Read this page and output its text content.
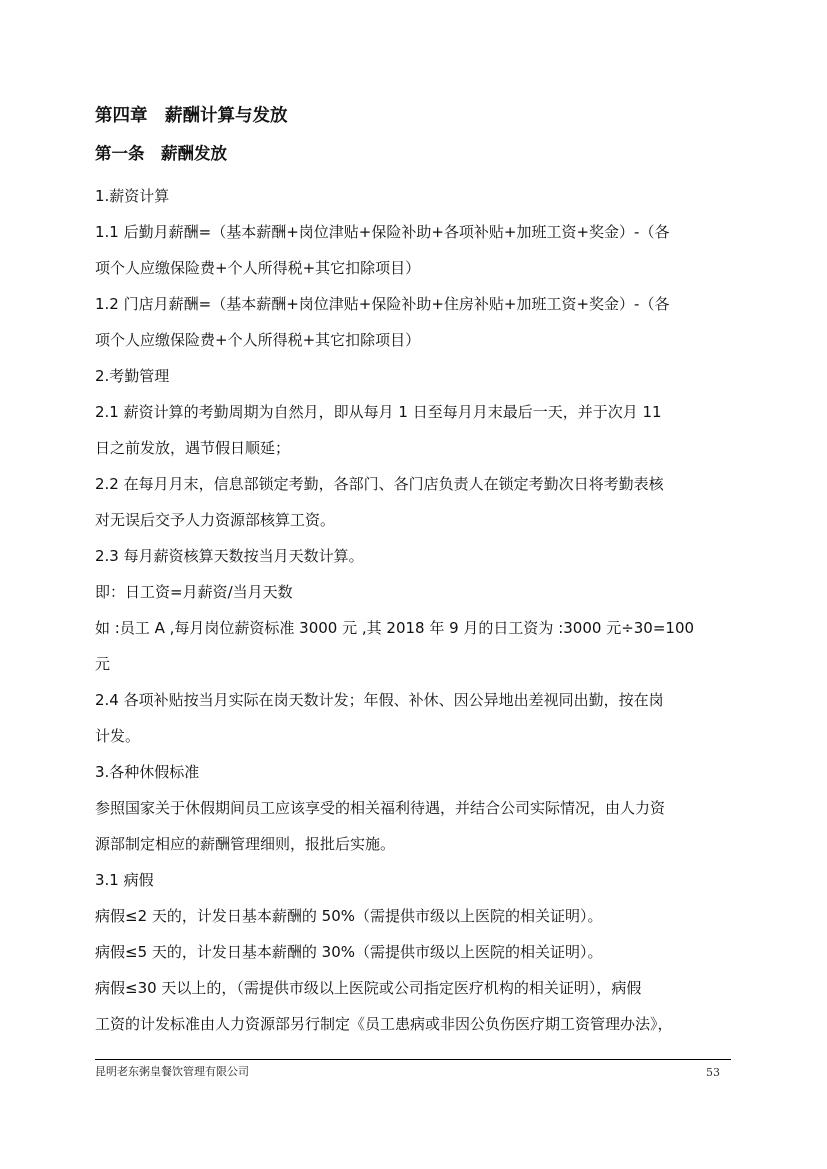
第四章　薪酬计算与发放
第一条　薪酬发放
1.薪资计算
1.1 后勤月薪酬=（基本薪酬+岗位津贴+保险补助+各项补贴+加班工资+奖金）-（各
项个人应缴保险费+个人所得税+其它扣除项目）
1.2 门店月薪酬=（基本薪酬+岗位津贴+保险补助+住房补贴+加班工资+奖金）-（各
项个人应缴保险费+个人所得税+其它扣除项目）
2.考勤管理
2.1 薪资计算的考勤周期为自然月，即从每月 1 日至每月月末最后一天，并于次月 11
日之前发放，遇节假日顺延；
2.2 在每月月末，信息部锁定考勤，各部门、各门店负责人在锁定考勤次日将考勤表核
对无误后交予人力资源部核算工资。
2.3 每月薪资核算天数按当月天数计算。
即：日工资=月薪资/当月天数
如 :员工 A ,每月岗位薪资标准 3000 元 ,其 2018 年 9 月的日工资为 :3000 元÷30=100
元
2.4 各项补贴按当月实际在岗天数计发；年假、补休、因公异地出差视同出勤，按在岗
计发。
3.各种休假标准
参照国家关于休假期间员工应该享受的相关福利待遇，并结合公司实际情况，由人力资
源部制定相应的薪酬管理细则，报批后实施。
3.1 病假
病假≤2 天的，计发日基本薪酬的 50%（需提供市级以上医院的相关证明）。
病假≤5 天的，计发日基本薪酬的 30%（需提供市级以上医院的相关证明）。
病假≤30 天以上的，（需提供市级以上医院或公司指定医疗机构的相关证明），病假
工资的计发标准由人力资源部另行制定《员工患病或非因公负伤医疗期工资管理办法》，
昆明老东粥皇餐饮管理有限公司	53
